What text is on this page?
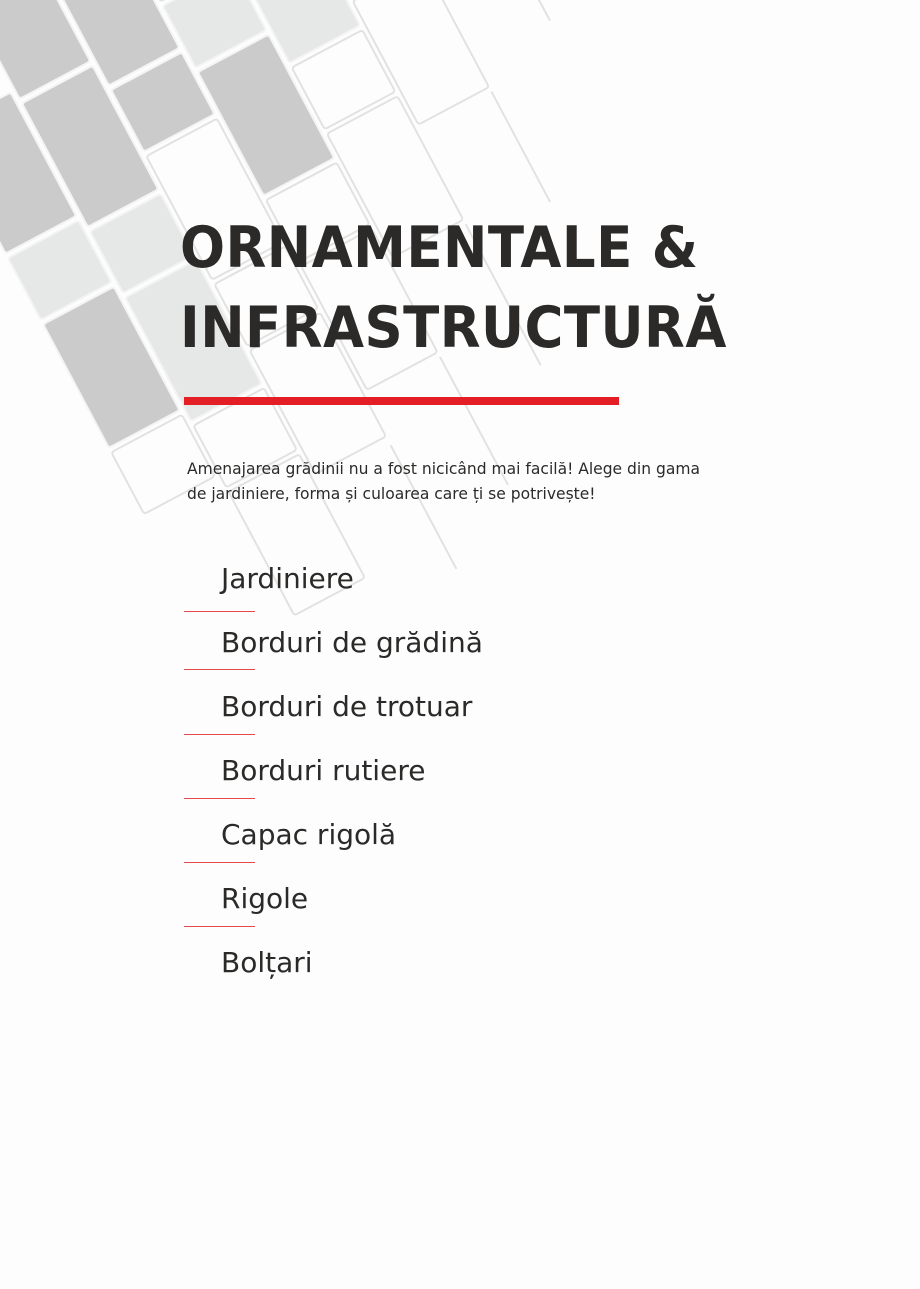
ORNAMENTALE &
INFRASTRUCTURĂ

Amenajarea grădinii nu a fost nicicând mai facilă! Alege din gama de jardiniere, forma și culoarea care ți se potrivește!

Jardiniere
Borduri de grădină
Borduri de trotuar
Borduri rutiere
Capac rigolă
Rigole
Bolțari
